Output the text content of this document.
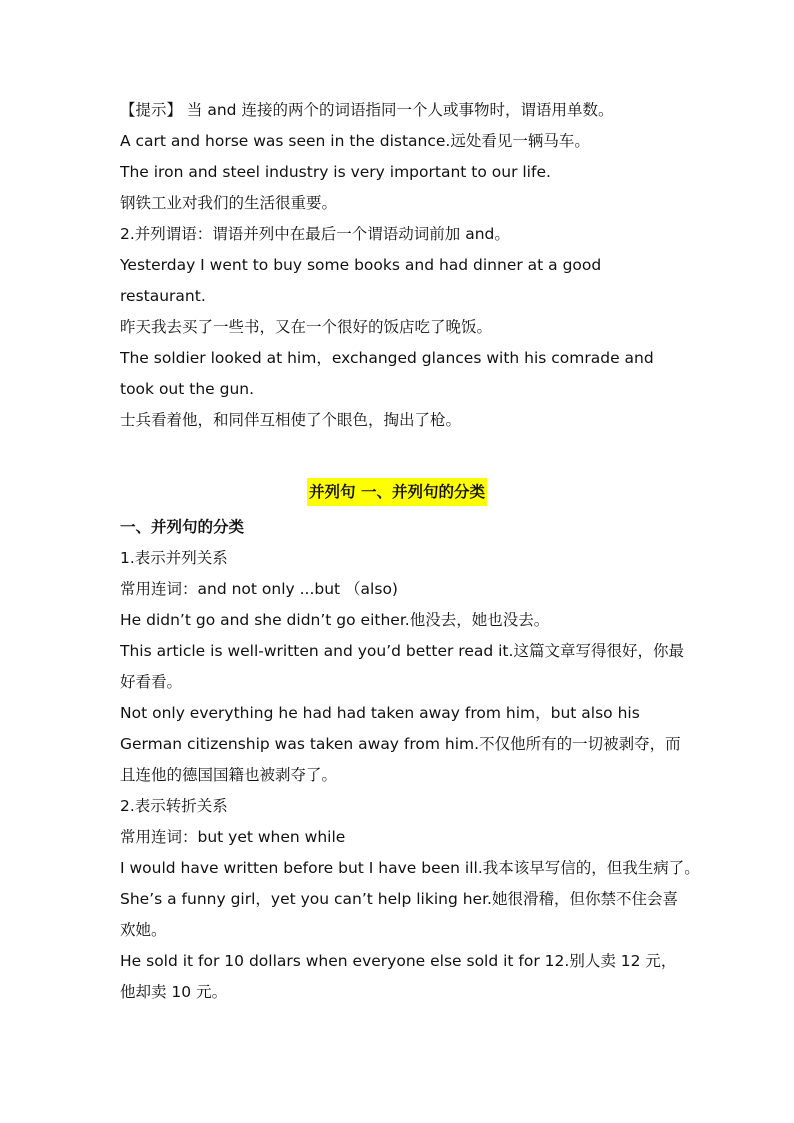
【提示】 当 and 连接的两个的词语指同一个人或事物时，谓语用单数。
A cart and horse was seen in the distance.远处看见一辆马车。
The iron and steel industry is very important to our life.
钢铁工业对我们的生活很重要。
2.并列谓语：谓语并列中在最后一个谓语动词前加 and。
Yesterday I went to buy some books and had dinner at a good
restaurant.
昨天我去买了一些书，又在一个很好的饭店吃了晚饭。
The soldier looked at him，exchanged glances with his comrade and
took out the gun.
士兵看着他，和同伴互相使了个眼色，掏出了枪。
并列句 一、并列句的分类
一、并列句的分类
1.表示并列关系
常用连词：and not only ...but （also)
He didn’t go and she didn’t go either.他没去，她也没去。
This article is well-written and you’d better read it.这篇文章写得很好，你最
好看看。
Not only everything he had had taken away from him，but also his
German citizenship was taken away from him.不仅他所有的一切被剥夺，而
且连他的德国国籍也被剥夺了。
2.表示转折关系
常用连词：but yet when while
I would have written before but I have been ill.我本该早写信的，但我生病了。
She’s a funny girl，yet you can’t help liking her.她很滑稽，但你禁不住会喜
欢她。
He sold it for 10 dollars when everyone else sold it for 12.别人卖 12 元，
他却卖 10 元。
